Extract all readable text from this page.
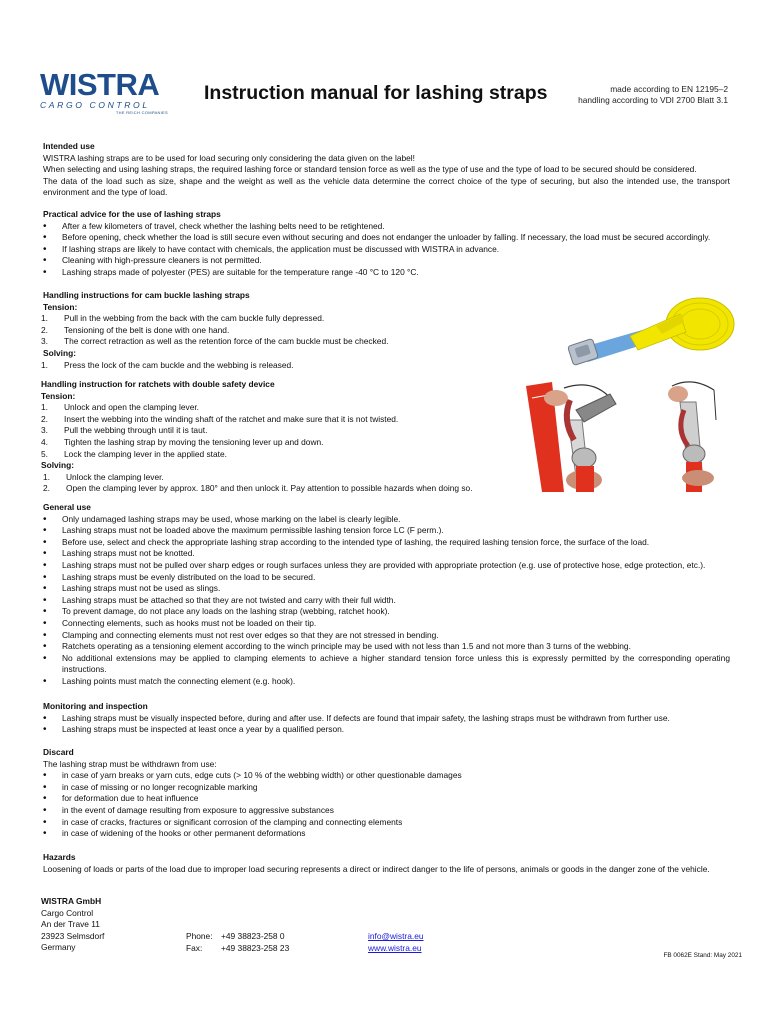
WISTRA
CARGO CONTROL
THE REICH COMPANIES
Instruction manual for lashing straps	made according to EN 12195–2
handling according to VDI 2700 Blatt 3.1
Intended use
WISTRA lashing straps are to be used for load securing only considering the data given on the label!
When selecting and using lashing straps, the required lashing force or standard tension force as well as the type of use and the type of load to be secured should be considered.
The data of the load such as size, shape and the weight as well as the vehicle data determine the correct choice of the type of securing, but also the intended use, the transport environment and the type of load.
Practical advice for the use of lashing straps
• After a few kilometers of travel, check whether the lashing belts need to be retightened.
• Before opening, check whether the load is still secure even without securing and does not endanger the unloader by falling. If necessary, the load must be secured accordingly.
• If lashing straps are likely to have contact with chemicals, the application must be discussed with WISTRA in advance.
• Cleaning with high-pressure cleaners is not permitted.
• Lashing straps made of polyester (PES) are suitable for the temperature range -40 °C to 120 °C.
Handling instructions for cam buckle lashing straps
Tension:
1. Pull in the webbing from the back with the cam buckle fully depressed.
2. Tensioning of the belt is done with one hand.
3. The correct retraction as well as the retention force of the cam buckle must be checked.
Solving:
1. Press the lock of the cam buckle and the webbing is released.
Handling instruction for ratchets with double safety device
Tension:
1. Unlock and open the clamping lever.
2. Insert the webbing into the winding shaft of the ratchet and make sure that it is not twisted.
3. Pull the webbing through until it is taut.
4. Tighten the lashing strap by moving the tensioning lever up and down.
5. Lock the clamping lever in the applied state.
Solving:
1. Unlock the clamping lever.
2. Open the clamping lever by approx. 180° and then unlock it. Pay attention to possible hazards when doing so.
General use
• Only undamaged lashing straps may be used, whose marking on the label is clearly legible.
• Lashing straps must not be loaded above the maximum permissible lashing tension force LC (F perm.).
• Before use, select and check the appropriate lashing strap according to the intended type of lashing, the required lashing tension force, the surface of the load.
• Lashing straps must not be knotted.
• Lashing straps must not be pulled over sharp edges or rough surfaces unless they are provided with appropriate protection (e.g. use of protective hose, edge protection, etc.).
• Lashing straps must be evenly distributed on the load to be secured.
• Lashing straps must not be used as slings.
• Lashing straps must be attached so that they are not twisted and carry with their full width.
• To prevent damage, do not place any loads on the lashing strap (webbing, ratchet hook).
• Connecting elements, such as hooks must not be loaded on their tip.
• Clamping and connecting elements must not rest over edges so that they are not stressed in bending.
• Ratchets operating as a tensioning element according to the winch principle may be used with not less than 1.5 and not more than 3 turns of the webbing.
• No additional extensions may be applied to clamping elements to achieve a higher standard tension force unless this is expressly permitted by the corresponding operating instructions.
• Lashing points must match the connecting element (e.g. hook).
Monitoring and inspection
• Lashing straps must be visually inspected before, during and after use. If defects are found that impair safety, the lashing straps must be withdrawn from further use.
• Lashing straps must be inspected at least once a year by a qualified person.
Discard
The lashing strap must be withdrawn from use:
• in case of yarn breaks or yarn cuts, edge cuts (> 10 % of the webbing width) or other questionable damages
• in case of missing or no longer recognizable marking
• for deformation due to heat influence
• in the event of damage resulting from exposure to aggressive substances
• in case of cracks, fractures or significant corrosion of the clamping and connecting elements
• in case of widening of the hooks or other permanent deformations
Hazards
Loosening of loads or parts of the load due to improper load securing represents a direct or indirect danger to the life of persons, animals or goods in the danger zone of the vehicle.
WISTRA GmbH
Cargo Control
An der Trave 11
23923 Selmsdorf
Germany
Phone:	+49 38823-258 0
Fax:	+49 38823-258 23
info@wistra.eu
www.wistra.eu
FB 0062E Stand: May 2021
